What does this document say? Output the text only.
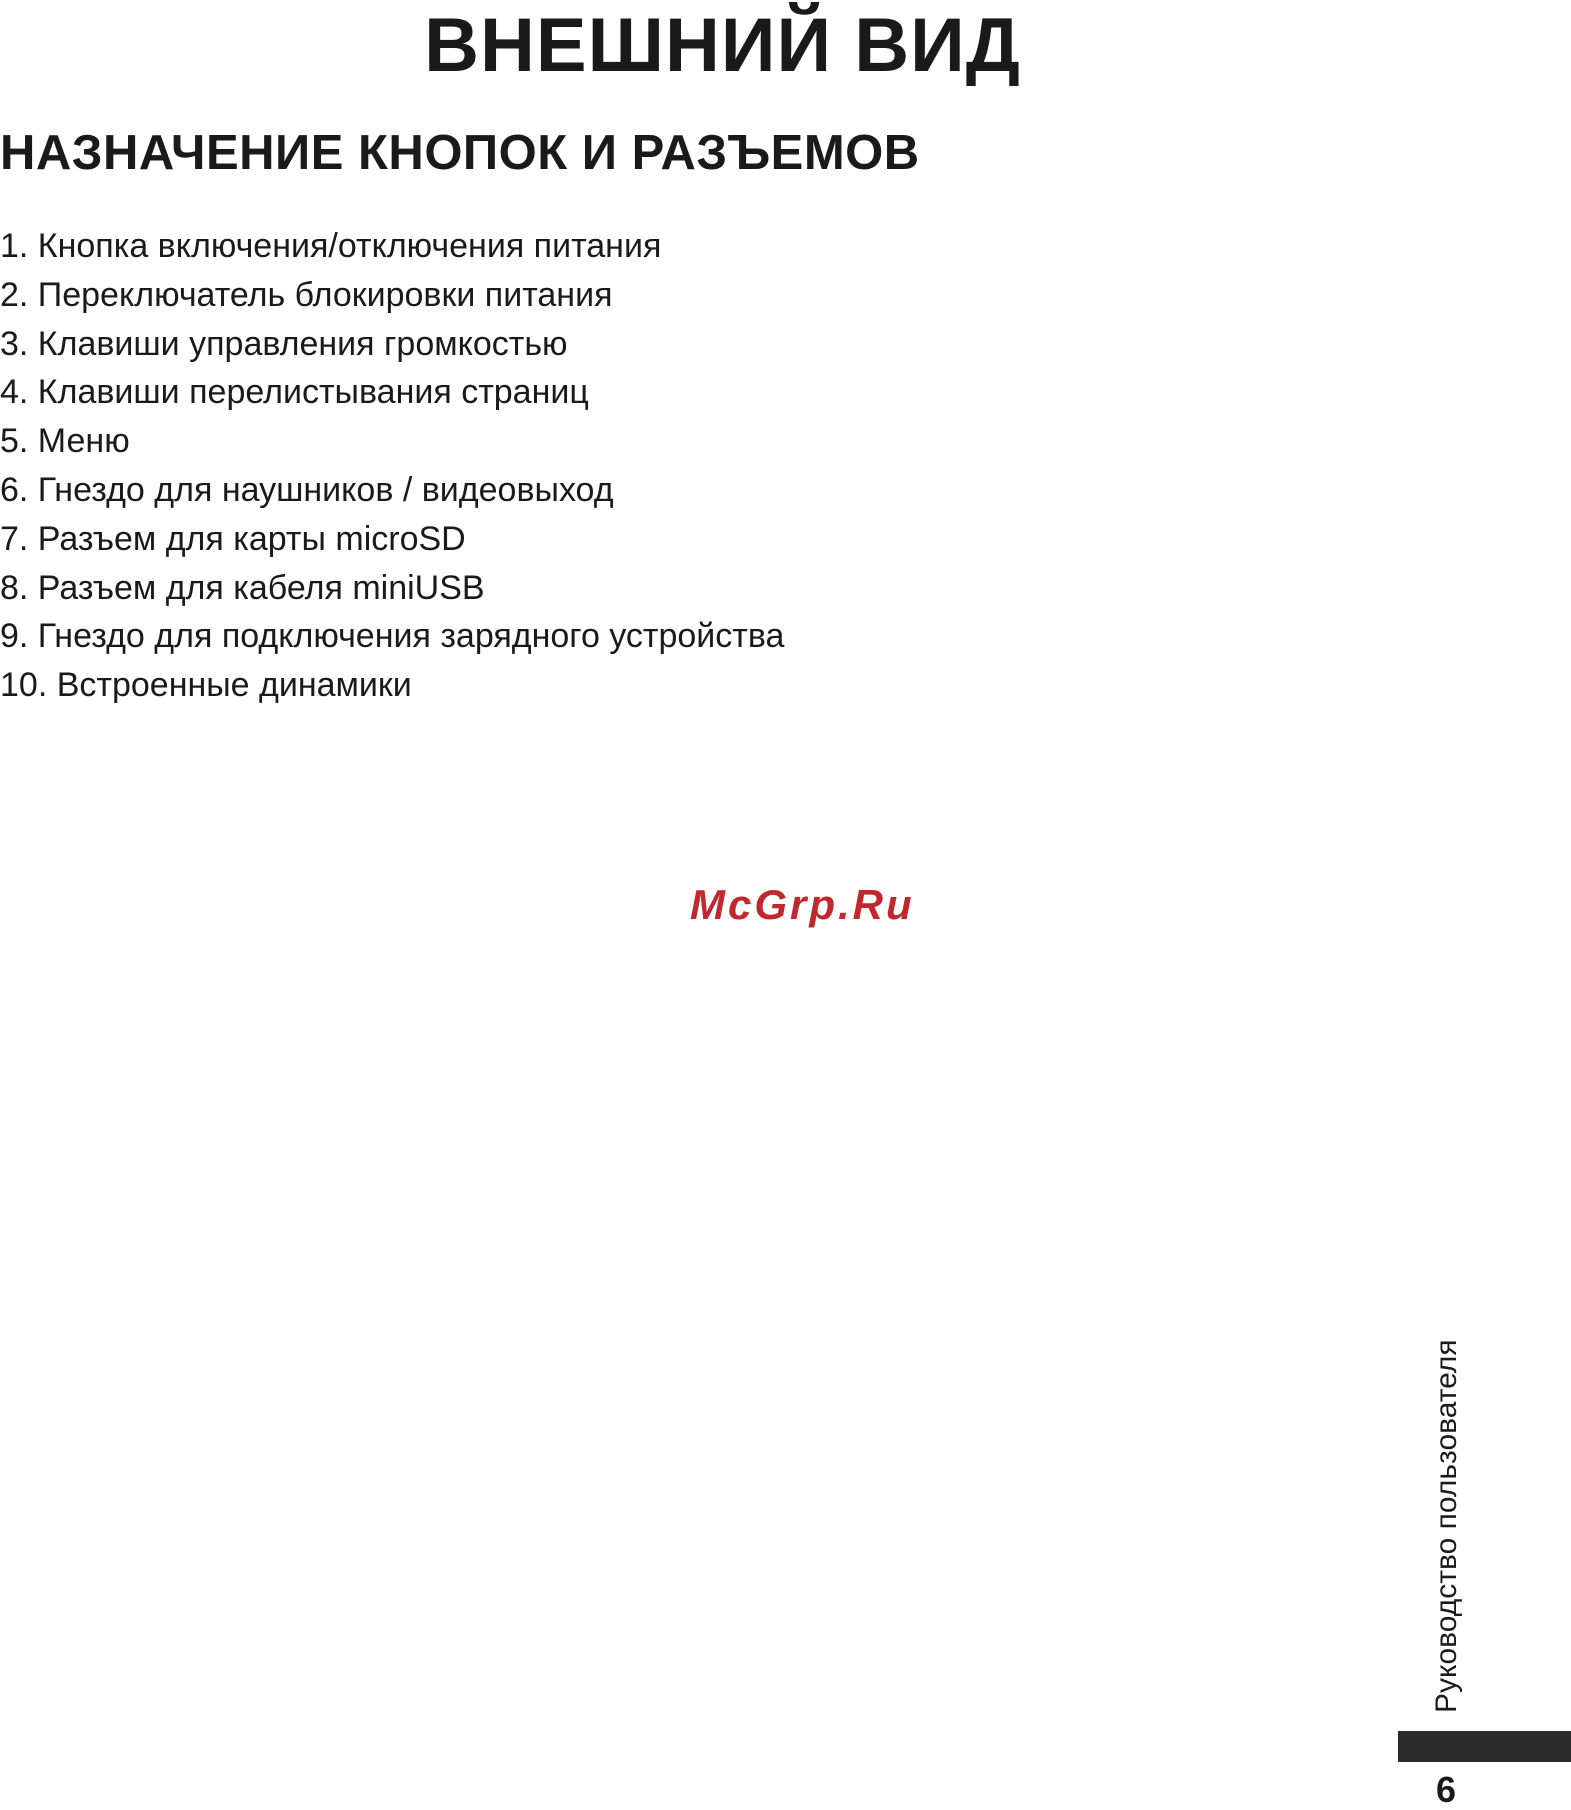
ВНЕШНИЙ ВИД
НАЗНАЧЕНИЕ КНОПОК И РАЗЪЕМОВ
1. Кнопка включения/отключения питания
2. Переключатель блокировки питания
3. Клавиши управления громкостью
4. Клавиши перелистывания страниц
5. Меню
6. Гнездо для наушников / видеовыход
7. Разъем для карты microSD
8. Разъем для кабеля miniUSB
9. Гнездо для подключения зарядного устройства
10. Встроенные динамики
McGrp.Ru
Руководство пользователя
6
